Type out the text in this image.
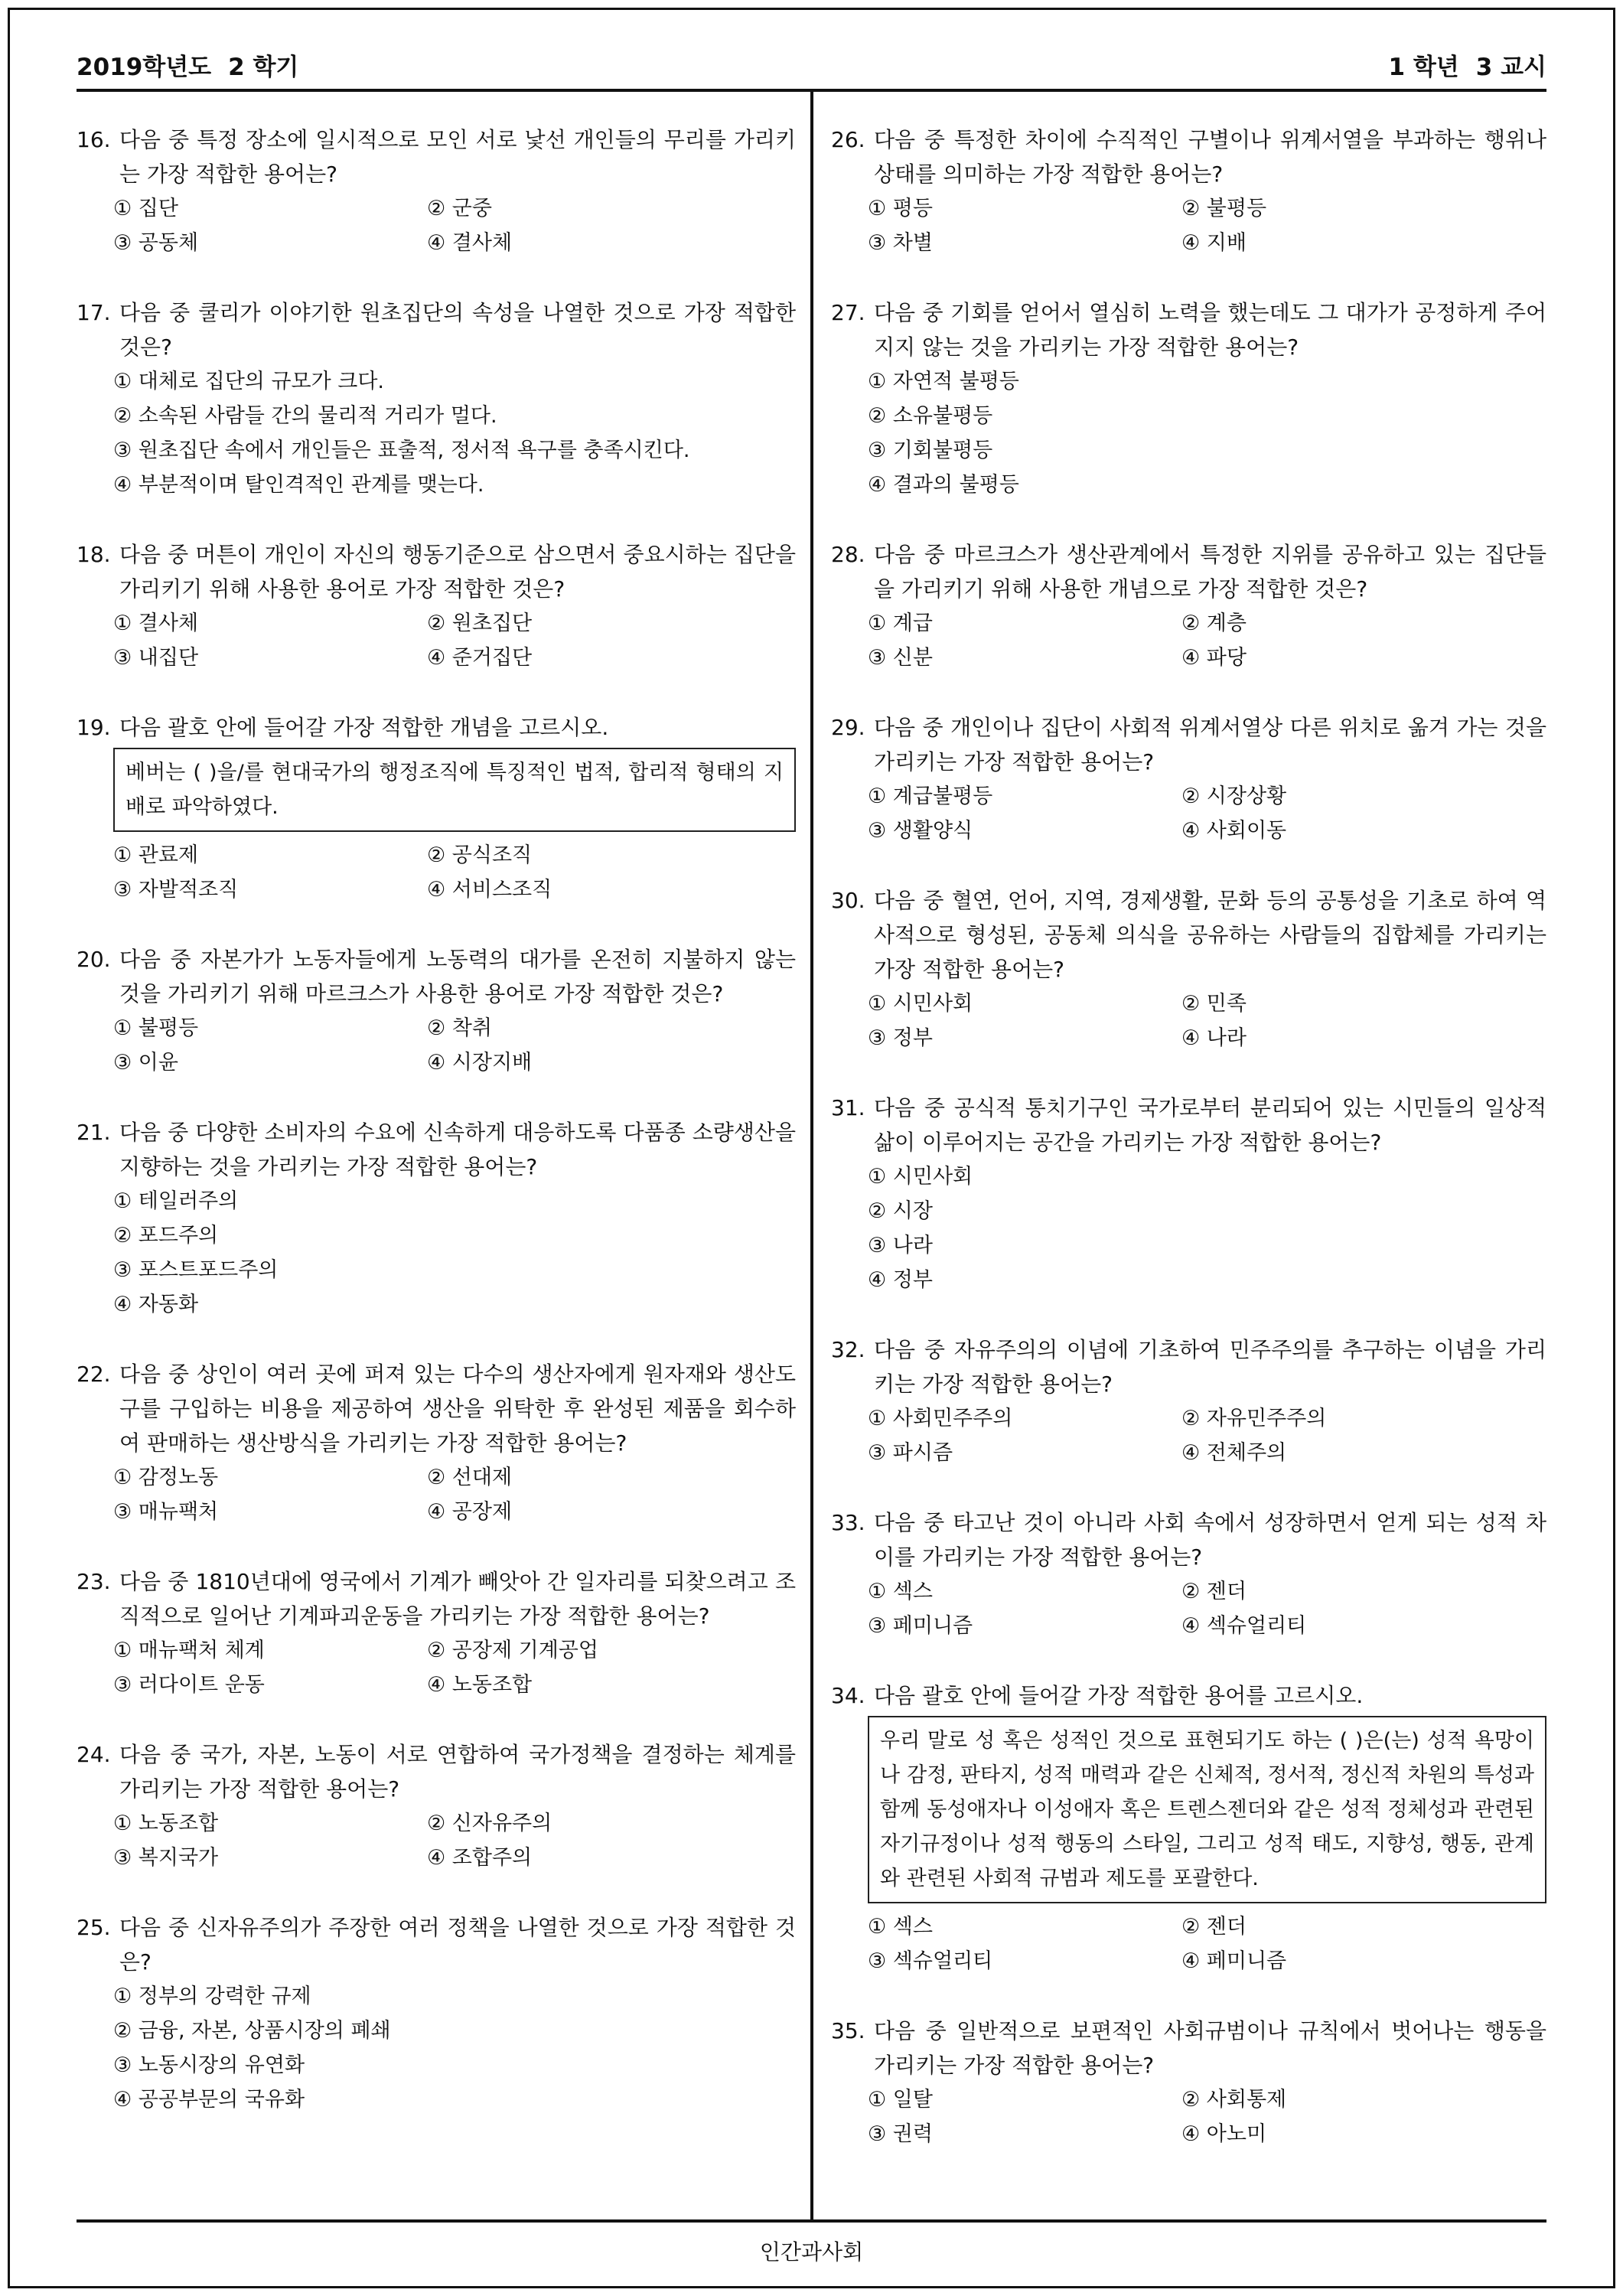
2019학년도 2 학기	1 학년 3 교시
16. 다음 중 특정 장소에 일시적으로 모인 서로 낯선 개인들의 무리를 가리키는 가장 적합한 용어는?
① 집단	② 군중
③ 공동체	④ 결사체
17. 다음 중 쿨리가 이야기한 원초집단의 속성을 나열한 것으로 가장 적합한 것은?
① 대체로 집단의 규모가 크다.
② 소속된 사람들 간의 물리적 거리가 멀다.
③ 원초집단 속에서 개인들은 표출적, 정서적 욕구를 충족시킨다.
④ 부분적이며 탈인격적인 관계를 맺는다.
18. 다음 중 머튼이 개인이 자신의 행동기준으로 삼으면서 중요시하는 집단을 가리키기 위해 사용한 용어로 가장 적합한 것은?
① 결사체	② 원초집단
③ 내집단	④ 준거집단
19. 다음 괄호 안에 들어갈 가장 적합한 개념을 고르시오.
베버는 ( )을/를 현대국가의 행정조직에 특징적인 법적, 합리적 형태의 지배로 파악하였다.
① 관료제	② 공식조직
③ 자발적조직	④ 서비스조직
20. 다음 중 자본가가 노동자들에게 노동력의 대가를 온전히 지불하지 않는 것을 가리키기 위해 마르크스가 사용한 용어로 가장 적합한 것은?
① 불평등	② 착취
③ 이윤	④ 시장지배
21. 다음 중 다양한 소비자의 수요에 신속하게 대응하도록 다품종 소량생산을 지향하는 것을 가리키는 가장 적합한 용어는?
① 테일러주의
② 포드주의
③ 포스트포드주의
④ 자동화
22. 다음 중 상인이 여러 곳에 퍼져 있는 다수의 생산자에게 원자재와 생산도구를 구입하는 비용을 제공하여 생산을 위탁한 후 완성된 제품을 회수하여 판매하는 생산방식을 가리키는 가장 적합한 용어는?
① 감정노동	② 선대제
③ 매뉴팩처	④ 공장제
23. 다음 중 1810년대에 영국에서 기계가 빼앗아 간 일자리를 되찾으려고 조직적으로 일어난 기계파괴운동을 가리키는 가장 적합한 용어는?
① 매뉴팩처 체계	② 공장제 기계공업
③ 러다이트 운동	④ 노동조합
24. 다음 중 국가, 자본, 노동이 서로 연합하여 국가정책을 결정하는 체계를 가리키는 가장 적합한 용어는?
① 노동조합	② 신자유주의
③ 복지국가	④ 조합주의
25. 다음 중 신자유주의가 주장한 여러 정책을 나열한 것으로 가장 적합한 것은?
① 정부의 강력한 규제
② 금융, 자본, 상품시장의 폐쇄
③ 노동시장의 유연화
④ 공공부문의 국유화
26. 다음 중 특정한 차이에 수직적인 구별이나 위계서열을 부과하는 행위나 상태를 의미하는 가장 적합한 용어는?
① 평등	② 불평등
③ 차별	④ 지배
27. 다음 중 기회를 얻어서 열심히 노력을 했는데도 그 대가가 공정하게 주어지지 않는 것을 가리키는 가장 적합한 용어는?
① 자연적 불평등
② 소유불평등
③ 기회불평등
④ 결과의 불평등
28. 다음 중 마르크스가 생산관계에서 특정한 지위를 공유하고 있는 집단들을 가리키기 위해 사용한 개념으로 가장 적합한 것은?
① 계급	② 계층
③ 신분	④ 파당
29. 다음 중 개인이나 집단이 사회적 위계서열상 다른 위치로 옮겨 가는 것을 가리키는 가장 적합한 용어는?
① 계급불평등	② 시장상황
③ 생활양식	④ 사회이동
30. 다음 중 혈연, 언어, 지역, 경제생활, 문화 등의 공통성을 기초로 하여 역사적으로 형성된, 공동체 의식을 공유하는 사람들의 집합체를 가리키는 가장 적합한 용어는?
① 시민사회	② 민족
③ 정부	④ 나라
31. 다음 중 공식적 통치기구인 국가로부터 분리되어 있는 시민들의 일상적 삶이 이루어지는 공간을 가리키는 가장 적합한 용어는?
① 시민사회
② 시장
③ 나라
④ 정부
32. 다음 중 자유주의의 이념에 기초하여 민주주의를 추구하는 이념을 가리키는 가장 적합한 용어는?
① 사회민주주의	② 자유민주주의
③ 파시즘	④ 전체주의
33. 다음 중 타고난 것이 아니라 사회 속에서 성장하면서 얻게 되는 성적 차이를 가리키는 가장 적합한 용어는?
① 섹스	② 젠더
③ 페미니즘	④ 섹슈얼리티
34. 다음 괄호 안에 들어갈 가장 적합한 용어를 고르시오.
우리 말로 성 혹은 성적인 것으로 표현되기도 하는 ( )은(는) 성적 욕망이나 감정, 판타지, 성적 매력과 같은 신체적, 정서적, 정신적 차원의 특성과 함께 동성애자나 이성애자 혹은 트렌스젠더와 같은 성적 정체성과 관련된 자기규정이나 성적 행동의 스타일, 그리고 성적 태도, 지향성, 행동, 관계와 관련된 사회적 규범과 제도를 포괄한다.
① 섹스	② 젠더
③ 섹슈얼리티	④ 페미니즘
35. 다음 중 일반적으로 보편적인 사회규범이나 규칙에서 벗어나는 행동을 가리키는 가장 적합한 용어는?
① 일탈	② 사회통제
③ 권력	④ 아노미
인간과사회
